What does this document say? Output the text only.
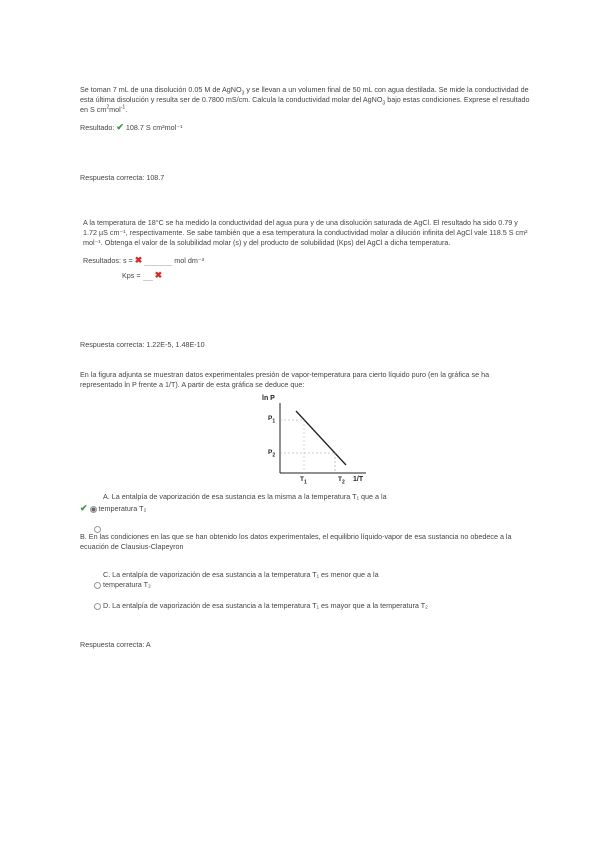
Se toman 7 mL de una disolución 0.05 M de AgNO$_3$ y se llevan a un volumen final de 50 mL con agua destilada. Se mide la conductividad de esta última disolución y resulta ser de 0.7800 mS/cm. Calcula la conductividad molar del AgNO$_3$ bajo estas condiciones. Exprese el resultado en S $cm^2mol^{-1}$.
Resultado: ✔ 108.7 S cm²mol⁻¹
Respuesta correcta: 108.7
A la temperatura de 18°C se ha medido la conductividad del agua pura y de una disolución saturada de AgCl. El resultado ha sido 0.79 y 1.72 µS cm⁻¹, respectivamente. Se sabe también que a esa temperatura la conductividad molar a dilución infinita del AgCl vale 118.5 S cm² mol⁻¹. Obtenga el valor de la solubilidad molar (s) y del producto de solubilidad (Kps) del AgCl a dicha temperatura.
Resultados: s = ✖	mol dm⁻³
Kps = ✖
Respuesta correcta: 1.22E-5, 1.48E-10
En la figura adjunta se muestran datos experimentales presión de vapor-temperatura para cierto líquido puro (en la gráfica se ha representado ln P frente a 1/T). A partir de esta gráfica se deduce que:
ln P
$P_1$
$P_2$
$T_1$	$T_2$ 1/T
A. La entalpía de vaporización de esa sustancia es la misma a la temperatura T₁ que a la
✔ temperatura T₂
B. En las condiciones en las que se han obtenido los datos experimentales, el equilibrio líquido-vapor de esa sustancia no obedece a la ecuación de Clausius-Clapeyron
C. La entalpía de vaporización de esa sustancia a la temperatura T₁ es menor que a la
temperatura T₂
D. La entalpía de vaporización de esa sustancia a la temperatura T₁ es mayor que a la temperatura T₂
Respuesta correcta: A
